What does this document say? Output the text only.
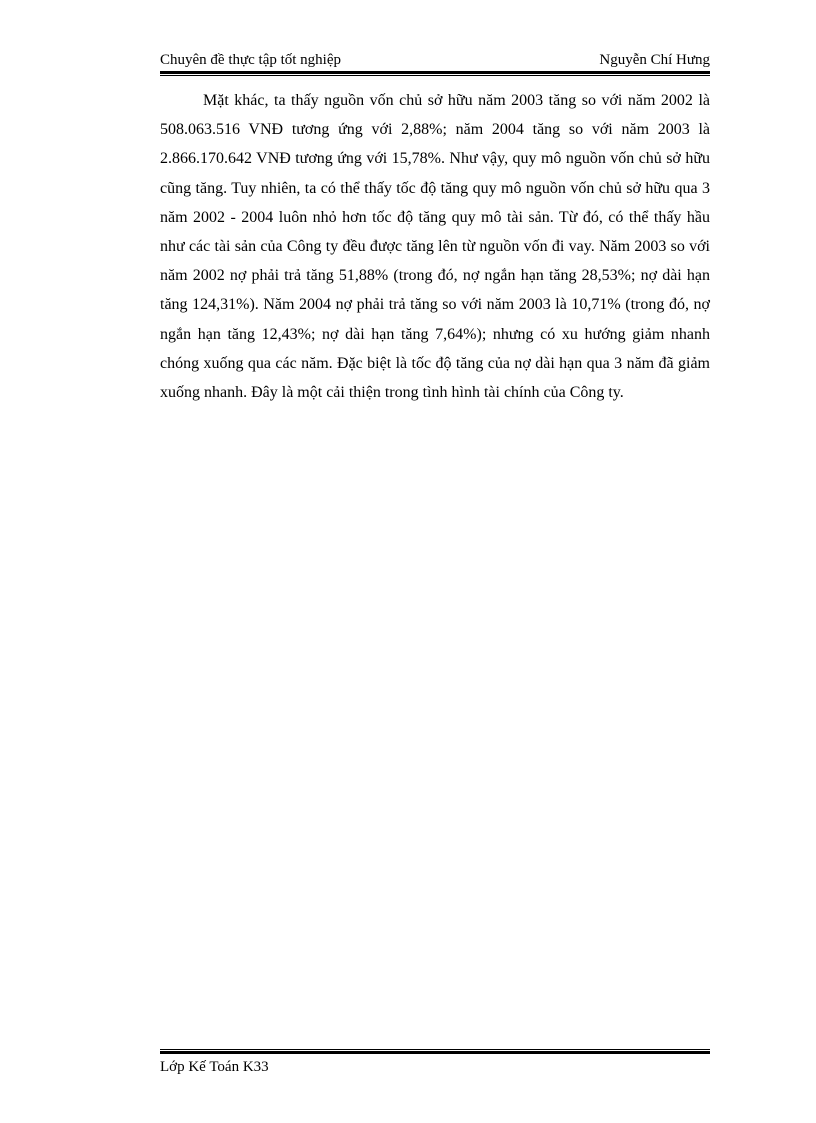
Chuyên đề thực tập tốt nghiệp	Nguyễn Chí Hưng

Mặt khác, ta thấy nguồn vốn chủ sở hữu năm 2003 tăng so với năm 2002 là 508.063.516 VNĐ tương ứng với 2,88%; năm 2004 tăng so với năm 2003 là 2.866.170.642 VNĐ tương ứng với 15,78%. Như vậy, quy mô nguồn vốn chủ sở hữu cũng tăng. Tuy nhiên, ta có thể thấy tốc độ tăng quy mô nguồn vốn chủ sở hữu qua 3 năm 2002 - 2004 luôn nhỏ hơn tốc độ tăng quy mô tài sản. Từ đó, có thể thấy hầu như các tài sản của Công ty đều được tăng lên từ nguồn vốn đi vay. Năm 2003 so với năm 2002 nợ phải trả tăng 51,88% (trong đó, nợ ngắn hạn tăng 28,53%; nợ dài hạn tăng 124,31%). Năm 2004 nợ phải trả tăng so với năm 2003 là 10,71% (trong đó, nợ ngắn hạn tăng 12,43%; nợ dài hạn tăng 7,64%); nhưng có xu hướng giảm nhanh chóng xuống qua các năm. Đặc biệt là tốc độ tăng của nợ dài hạn qua 3 năm đã giảm xuống nhanh. Đây là một cải thiện trong tình hình tài chính của Công ty.

Lớp Kế Toán K33
